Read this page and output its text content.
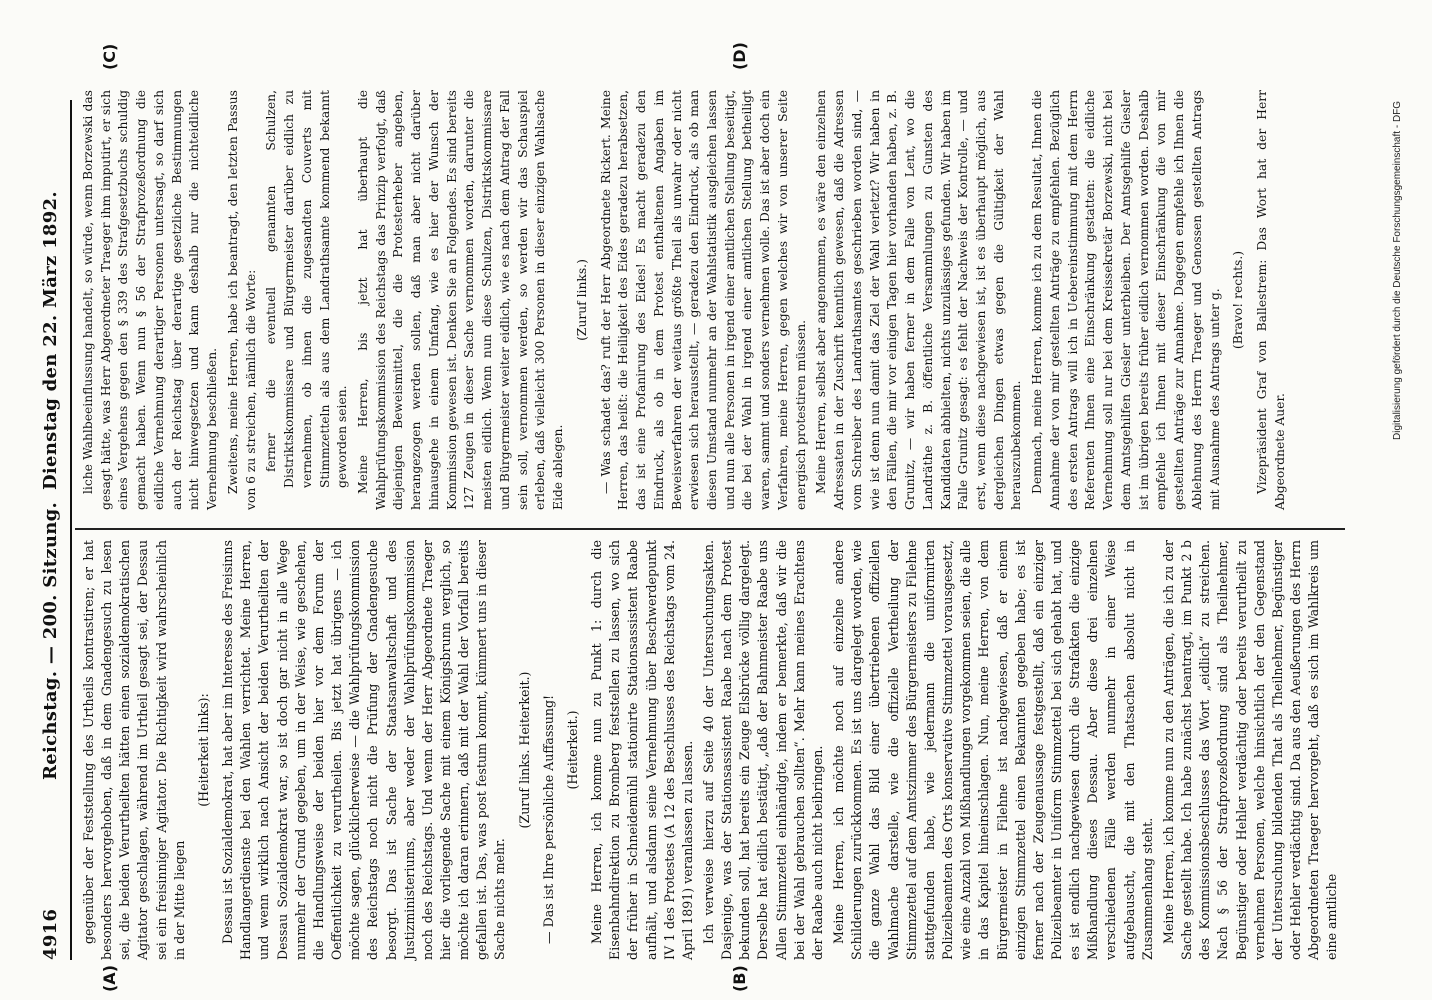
4916
Reichstag. — 200. Sitzung.
Dienstag den 22. März 1892.

gegenüber der Feststellung des Urtheils kontrastiren; er hat besonders hervorgehoben, daß in dem Gnadengesuch zu lesen sei, die beiden Verurtheilten hätten einen sozialdemokratischen Agitator geschlagen, während im Urtheil gesagt sei, der Dessau sei ein freisinniger Agitator. Die Richtigkeit wird wahrscheinlich in der Mitte liegen

(Heiterkeit links): Dessau ist Sozialdemokrat, hat aber im Interesse des Freisinns Handlangerdienste bei den Wahlen verrichtet. Meine Herren, und wenn wirklich nach Ansicht der beiden Verurtheilten der Dessau Sozialdemokrat war, so ist doch gar nicht in alle Wege nunmehr der Grund gegeben, um in der Weise, wie geschehen, die Handlungsweise der beiden hier vor dem Forum der Oeffentlichkeit zu verurtheilen. Bis jetzt hat übrigens — ich möchte sagen, glücklicherweise — die Wahlprüfungskommission des Reichstags noch nicht die Prüfung der Gnadengesuche besorgt. Das ist Sache der Staatsanwaltschaft und des Justizministeriums, aber weder der Wahlprüfungskommission noch des Reichstags. Und wenn der Herr Abgeordnete Traeger hier die vorliegende Sache mit einem Königsbrunn verglich, so möchte ich daran erinnern, daß mit der Wahl der Vorfall bereits gefallen ist. Das, was post festum kommt, kümmert uns in dieser Sache nichts mehr.

(Zuruf links. Heiterkeit.) — Das ist Ihre persönliche Auffassung! (Heiterkeit.) Meine Herren, ich komme nun zu Punkt 1: durch die Eisenbahndirektion zu Bromberg feststellen zu lassen, wo sich der früher in Schneidemühl stationirte Stationsassistent Raabe aufhält, und alsdann seine Vernehmung über Beschwerdepunkt IV 1 des Protestes (A 12 des Beschlusses des Reichstags vom 24. April 1891) veranlassen zu lassen. Ich verweise hierzu auf Seite 40 der Untersuchungsakten. Dasjenige, was der Stationsassistent Raabe nach dem Protest bekunden soll, hat bereits ein Zeuge Elsbrücke völlig dargelegt. Derselbe hat eidlich bestätigt, „daß der Bahnmeister Raabe uns Allen Stimmzettel einhändigte, indem er bemerkte, daß wir die bei der Wahl gebrauchen sollten“. Mehr kann meines Erachtens der Raabe auch nicht beibringen. Meine Herren, ich möchte noch auf einzelne andere Schilderungen zurückkommen. Es ist uns dargelegt worden, wie die ganze Wahl das Bild einer übertriebenen offiziellen Wahlmache darstelle, wie die offizielle Vertheilung der Stimmzettel auf dem Amtszimmer des Bürgermeisters zu Filehne stattgefunden habe, wie jedermann die uniformirten Polizeibeamten des Orts konservative Stimmzettel vorausgesetzt, wie eine Anzahl von Mißhandlungen vorgekommen seien, die alle in das Kapitel hineinschlagen. Nun, meine Herren, von dem Bürgermeister in Filehne ist nachgewiesen, daß er einem einzigen Stimmzettel einen Bekannten gegeben habe; es ist ferner nach der Zeugenaussage festgestellt, daß ein einziger Polizeibeamter in Uniform Stimmzettel bei sich gehabt hat, und es ist endlich nachgewiesen durch die Strafakten die einzige Mißhandlung dieses Dessau. Aber diese drei einzelnen verschiedenen Fälle werden nunmehr in einer Weise aufgebauscht, die mit den Thatsachen absolut nicht in Zusammenhang steht. Meine Herren, ich komme nun zu den Anträgen, die ich zu der Sache gestellt habe. Ich habe zunächst beantragt, im Punkt 2 b des Kommissionsbeschlusses das Wort „eidlich“ zu streichen. Nach § 56 der Strafprozeßordnung sind als Theilnehmer, Begünstiger oder Hehler verdächtig oder bereits verurtheilt zu vernehmen Personen, welche hinsichtlich der den Gegenstand der Untersuchung bildenden That als Theilnehmer, Begünstiger oder Hehler verdächtig sind. Da aus den Aeußerungen des Herrn Abgeordneten Traeger hervorgeht, daß es sich im Wahlkreis um eine amtliche

liche Wahlbeeinflussung handelt, so würde, wenn Borzewski das gesagt hätte, was Herr Abgeordneter Traeger ihm imputirt, er sich eines Vergehens gegen den § 339 des Strafgesetzbuchs schuldig gemacht haben. Wenn nun § 56 der Strafprozeßordnung die eidliche Vernehmung derartiger Personen untersagt, so darf sich auch der Reichstag über derartige gesetzliche Bestimmungen nicht hinwegsetzen und kann deshalb nur die nichteidliche Vernehmung beschließen. Zweitens, meine Herren, habe ich beantragt, den letzten Passus von 6 zu streichen, nämlich die Worte: ferner die eventuell genannten Schulzen, Distriktskommissare und Bürgermeister darüber eidlich zu vernehmen, ob ihnen die zugesandten Couverts mit Stimmzetteln als aus dem Landrathsamte kommend bekannt geworden seien. Meine Herren, bis jetzt hat überhaupt die Wahlprüfungskommission des Reichstags das Prinzip verfolgt, daß diejenigen Beweismittel, die die Protesterheber angeben, herangezogen werden sollen, daß man aber nicht darüber hinausgehe in einem Umfang, wie es hier der Wunsch der Kommission gewesen ist. Denken Sie an Folgendes. Es sind bereits 127 Zeugen in dieser Sache vernommen worden, darunter die meisten eidlich. Wenn nun diese Schulzen, Distriktskommissare und Bürgermeister weiter eidlich, wie es nach dem Antrag der Fall sein soll, vernommen werden, so werden wir das Schauspiel erleben, daß vielleicht 300 Personen in dieser einzigen Wahlsache Eide ablegen.

(Zuruf links.) — Was schadet das? ruft der Herr Abgeordnete Rickert. Meine Herren, das heißt: die Heiligkeit des Eides geradezu herabsetzen, das ist eine Profanirung des Eides! Es macht geradezu den Eindruck, als ob in dem Protest enthaltenen Angaben im Beweisverfahren der weitaus größte Theil als unwahr oder nicht erwiesen sich herausstellt, — geradezu den Eindruck, als ob man diesen Umstand nunmehr an der Wahlstatistik ausgleichen lassen und nun alle Personen in irgend einer amtlichen Stellung beseitigt, die bei der Wahl in irgend einer amtlichen Stellung betheiligt waren, sammt und sonders vernehmen wolle. Das ist aber doch ein Verfahren, meine Herren, gegen welches wir von unserer Seite energisch protestiren müssen. Meine Herren, selbst aber angenommen, es wäre den einzelnen Adressaten in der Zuschrift kenntlich gewesen, daß die Adressen vom Schreiber des Landrathsamtes geschrieben worden sind, — wie ist denn nun damit das Ziel der Wahl verletzt? Wir haben in den Fällen, die mir vor einigen Tagen hier vorhanden haben, z. B. Grunitz, — wir haben ferner in dem Falle von Lent, wo die Landräthe z. B. öffentliche Versammlungen zu Gunsten des Kandidaten abhielten, nichts unzulässiges gefunden. Wir haben im Falle Grunitz gesagt: es fehlt der Nachweis der Kontrolle, — und erst, wenn diese nachgewiesen ist, ist es überhaupt möglich, aus dergleichen Dingen etwas gegen die Gültigkeit der Wahl herauszubekommen. Demnach, meine Herren, komme ich zu dem Resultat, Ihnen die Annahme der von mir gestellten Anträge zu empfehlen. Bezüglich des ersten Antrags will ich in Uebereinstimmung mit dem Herrn Referenten Ihnen eine Einschränkung gestatten: die eidliche Vernehmung soll nur bei dem Kreissekretär Borzewski, nicht bei dem Amtsgehilfen Giesler unterbleiben. Der Amtsgehilfe Giesler ist im übrigen bereits früher eidlich vernommen worden. Deshalb empfehle ich Ihnen mit dieser Einschränkung die von mir gestellten Anträge zur Annahme. Dagegen empfehle ich Ihnen die Ablehnung des Herrn Traeger und Genossen gestellten Antrags mit Ausnahme des Antrags unter g. (Bravo! rechts.) Vizepräsident Graf von Ballestrem: Das Wort hat der Herr Abgeordnete Auer.

(A)	(B)
(C)	(D)
Digitalisierung gefördert durch die Deutsche Forschungsgemeinschaft - DFG
